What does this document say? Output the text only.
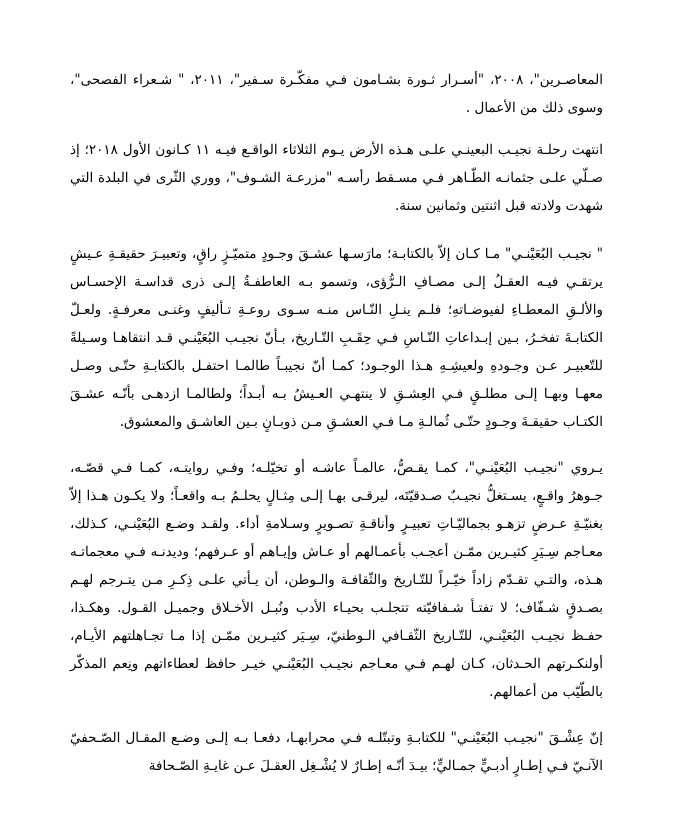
المعاصـرين"، ٢٠٠٨، "أسـرار ثـورة بشـامون فـي مفكّـرة سـفير"، ٢٠١١، " شـعراء الفصحى"، وسوى ذلك من الأعمال .

انتهت رحلـة نجيـب البعينـي علـى هـذه الأرض يـوم الثلاثاء الواقـع فيـه ١١ كـانون الأول ٢٠١٨؛ إذ صـلّي علـى جثمانـه الطّـاهر فـي مسـقط رأسـه "مزرعـة الشـوف"، ووري الثّرى في البلدة التي شهدت ولادته قبل اثنتين وثمانين سنة.

" نجيـب البُعَيْنـي" مـا كـان إلاّ بالكتابـة؛ مارَسـها عشـقَ وجـودٍ متميّـزٍ راقٍ، وتعبيـرَ حقيقـةِ عـيشٍ يرتقـي فيـه العقـلُ إلـى مصـافِ الـرُّؤى، وتسمو بـه العاطفـةُ إلـى ذرى قداسـة الإحسـاس والألـقِ المعطـاءِ لفيوضـاتهِ؛ فلـم ينـلِ النّـاس منـه سـوى روعـةِ تـأليفٍ وغنـى معرفـةٍ. ولعـلّ الكتابـةَ تفخـرُ، بـين إبـداعاتِ النّـاسِ فـي حِقَـبِ التّـاريخ، بـأنّ نجيـب البُعَيْنـي قـد انتقاهـا وسـيلةً للتّعبيـر عـن وجـودهِ ولعيشِـهِ هـذا الوجـود؛ كمـا أنّ نجيبـاً طالمـا احتفـل بالكتابـةِ حتّـى وصـل معهـا وبهـا إلـى مطلـقٍ فـي العِشـقِ لا ينتهـي العـيشُ بـه أبـداً؛ ولطالمـا ازدهـى بأنّـه عشـقَ الكتـاب حقيقـةَ وجـودٍ حتّـى ثُمالـةِ مـا فـي العشـقِ مـن ذوبـانٍ بـين العاشـق والمعشوق.

يـروي "نجيـب البُعَيْنـي"، كمـا يقـصُّ، عالمـاً عاشـه أو تخيّلـه؛ وفـي روايتـه، كمـا فـي قصّـه، جـوهرُ واقـعٍ، يسـتغلُّ نجيـبٌ صـدقيّتَه، ليرقـى بهـا إلـى مِثـالٍ يحلـمُ بـه واقعـاً؛ ولا يكـون هـذا إلاّ بغنيّـةِ عـرضٍ تزهـو بجماليّـاتِ تعبيـرٍ وأناقـةِ تصـويرٍ وسـلامةِ أداء. ولقـد وضـع البُعَيْنـي، كـذلك، معـاجم سِـيَرِ كثيـرين ممّـن أعجـب بأعمـالهم أو عـاش وإيـاهم أو عـرفهم؛ وديدنـه فـي معجماتـه هـذه، والتـي تقـدّم زاداً خيّـراً للتّـاريخ والثّقافـة والـوطن، أن يـأتي علـى ذِكـرِ مـن يتـرجم لهـم بصـدقٍ شـفّاف؛ لا تفتـأ شـفافيّته تتجلـب بحيـاء الأدب ونُبـل الأخـلاق وجميـل القـول. وهكـذا، حفـظ نجيـب البُعَيْنـي، للتّـاريخ الثّقـافي الـوطنيّ، سِـيَر كثيـرين ممّـن إذا مـا تجـاهلتهم الأيـام، أولنكـرتهم الحـدثان، كـان لهـم فـي معـاجم نجيـب البُعَيْنـي خيـر حافظ لعطاءاتهم ونِعم المذكّر بالطّيّب من أعمالهم.

إنّ عِشْـقَ "نجيـب البُعَيْنـي" للكتابـةِ وتبتّلـه فـي محرابهـا، دفعـا بـه إلـى وضـع المقـال الصّـحفيّ الآنـيّ فـي إطـارٍ أدبـيٍّ جمـاليٍّ؛ بيـدَ أنّـه إطـارٌ لا يُشْـغِل العقـلَ عـن غايـةِ الصّـحافة
